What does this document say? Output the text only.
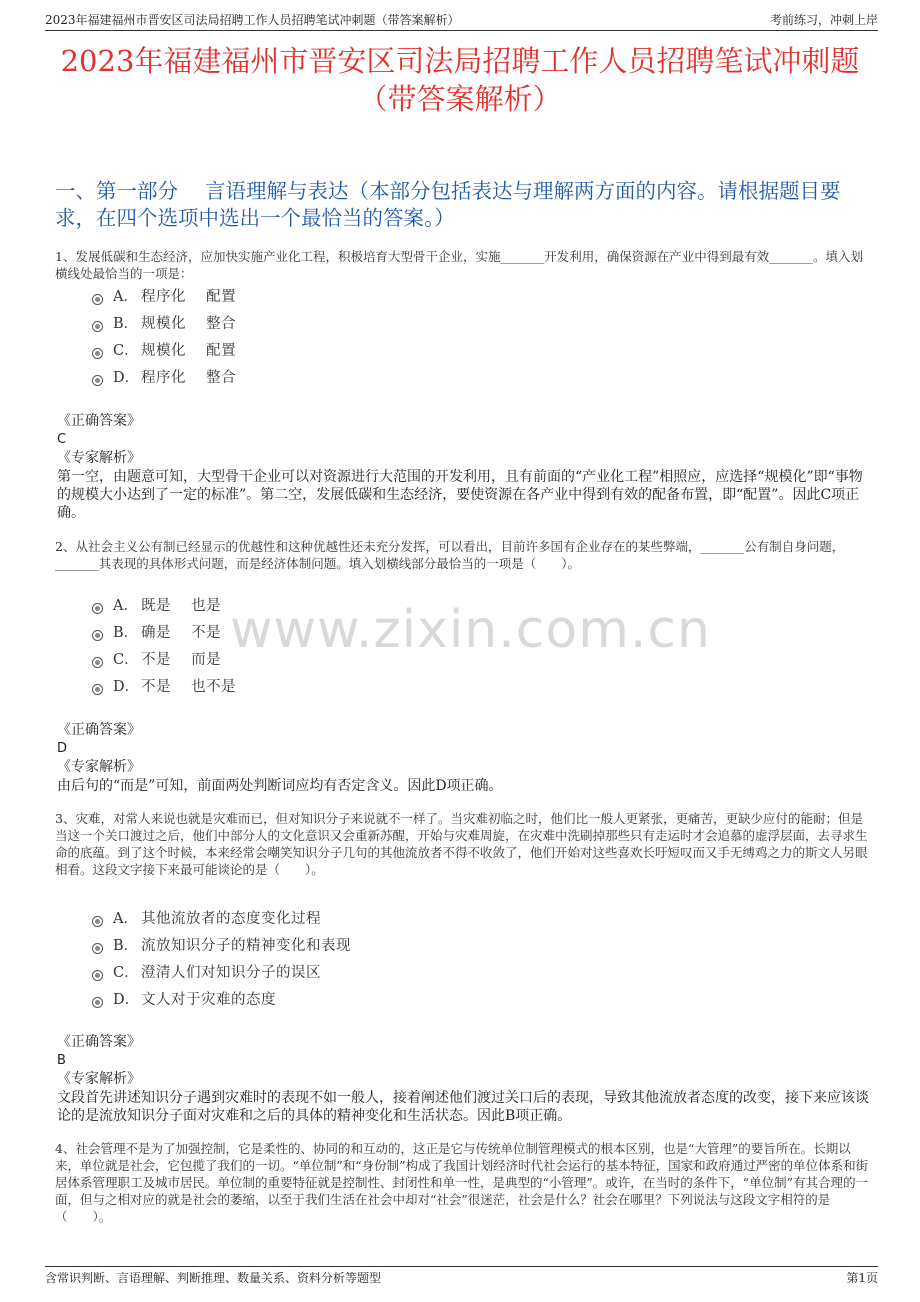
2023年福建福州市晋安区司法局招聘工作人员招聘笔试冲刺题（带答案解析）	考前练习，冲刺上岸
2023年福建福州市晋安区司法局招聘工作人员招聘笔试冲刺题
（带答案解析）
一、第一部分　 言语理解与表达（本部分包括表达与理解两方面的内容。请根据题目要求，在四个选项中选出一个最恰当的答案。）
www.zixin.com.cn
1、发展低碳和生态经济，应加快实施产业化工程，积极培育大型骨干企业，实施_______开发利用，确保资源在产业中得到最有效_______。填入划横线处最恰当的一项是：
A． 程序化　 配置
B． 规模化　 整合
C． 规模化　 配置
D． 程序化　 整合
《正确答案》
C
《专家解析》
第一空，由题意可知，大型骨干企业可以对资源进行大范围的开发利用，且有前面的“产业化工程”相照应，应选择“规模化”即“事物的规模大小达到了一定的标准”。第二空，发展低碳和生态经济，要使资源在各产业中得到有效的配备布置，即“配置”。因此C项正确。
2、从社会主义公有制已经显示的优越性和这种优越性还未充分发挥，可以看出，目前许多国有企业存在的某些弊端，_______公有制自身问题，_______其表现的具体形式问题，而是经济体制问题。填入划横线部分最恰当的一项是（　　）。
A． 既是　 也是
B． 确是　 不是
C． 不是　 而是
D． 不是　 也不是
《正确答案》
D
《专家解析》
由后句的“而是”可知，前面两处判断词应均有否定含义。因此D项正确。
3、灾难，对常人来说也就是灾难而已，但对知识分子来说就不一样了。当灾难初临之时，他们比一般人更紧张，更痛苦，更缺少应付的能耐；但是当这一个关口渡过之后，他们中部分人的文化意识又会重新苏醒，开始与灾难周旋，在灾难中洗刷掉那些只有走运时才会追慕的虚浮层面，去寻求生命的底蕴。到了这个时候，本来经常会嘲笑知识分子几句的其他流放者不得不收敛了，他们开始对这些喜欢长吁短叹而又手无缚鸡之力的斯文人另眼相看。这段文字接下来最可能谈论的是（　　）。
A． 其他流放者的态度变化过程
B． 流放知识分子的精神变化和表现
C． 澄清人们对知识分子的误区
D． 文人对于灾难的态度
《正确答案》
B
《专家解析》
文段首先讲述知识分子遇到灾难时的表现不如一般人，接着阐述他们渡过关口后的表现，导致其他流放者态度的改变，接下来应该谈论的是流放知识分子面对灾难和之后的具体的精神变化和生活状态。因此B项正确。
4、社会管理不是为了加强控制，它是柔性的、协同的和互动的，这正是它与传统单位制管理模式的根本区别，也是“大管理”的要旨所在。长期以来，单位就是社会，它包揽了我们的一切。“单位制”和“身份制”构成了我国计划经济时代社会运行的基本特征，国家和政府通过严密的单位体系和街居体系管理职工及城市居民。单位制的重要特征就是控制性、封闭性和单一性，是典型的“小管理”。或许，在当时的条件下，“单位制”有其合理的一面，但与之相对应的就是社会的萎缩，以至于我们生活在社会中却对“社会”很迷茫，社会是什么？社会在哪里？下列说法与这段文字相符的是（　　）。
含常识判断、言语理解、判断推理、数量关系、资料分析等题型	第1页
